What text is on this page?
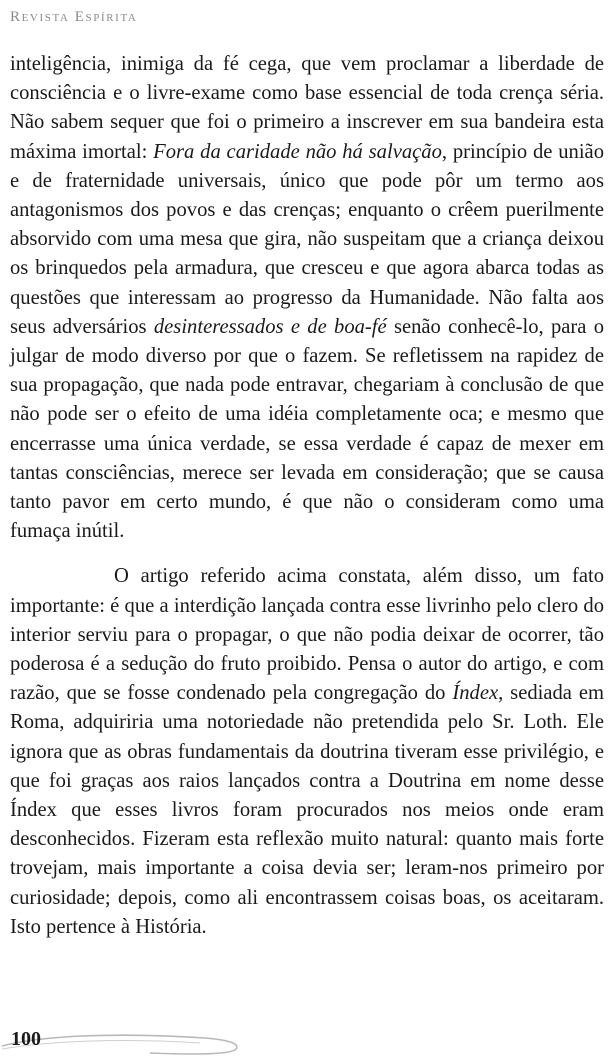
Revista Espírita

inteligência, inimiga da fé cega, que vem proclamar a liberdade de consciência e o livre-exame como base essencial de toda crença séria. Não sabem sequer que foi o primeiro a inscrever em sua bandeira esta máxima imortal: Fora da caridade não há salvação, princípio de união e de fraternidade universais, único que pode pôr um termo aos antagonismos dos povos e das crenças; enquanto o crêem puerilmente absorvido com uma mesa que gira, não suspeitam que a criança deixou os brinquedos pela armadura, que cresceu e que agora abarca todas as questões que interessam ao progresso da Humanidade. Não falta aos seus adversários desinteressados e de boa-fé senão conhecê-lo, para o julgar de modo diverso por que o fazem. Se refletissem na rapidez de sua propagação, que nada pode entravar, chegariam à conclusão de que não pode ser o efeito de uma idéia completamente oca; e mesmo que encerrasse uma única verdade, se essa verdade é capaz de mexer em tantas consciências, merece ser levada em consideração; que se causa tanto pavor em certo mundo, é que não o consideram como uma fumaça inútil.

O artigo referido acima constata, além disso, um fato importante: é que a interdição lançada contra esse livrinho pelo clero do interior serviu para o propagar, o que não podia deixar de ocorrer, tão poderosa é a sedução do fruto proibido. Pensa o autor do artigo, e com razão, que se fosse condenado pela congregação do Índex, sediada em Roma, adquiriria uma notoriedade não pretendida pelo Sr. Loth. Ele ignora que as obras fundamentais da doutrina tiveram esse privilégio, e que foi graças aos raios lançados contra a Doutrina em nome desse Índex que esses livros foram procurados nos meios onde eram desconhecidos. Fizeram esta reflexão muito natural: quanto mais forte trovejam, mais importante a coisa devia ser; leram-nos primeiro por curiosidade; depois, como ali encontrassem coisas boas, os aceitaram. Isto pertence à História.

100
